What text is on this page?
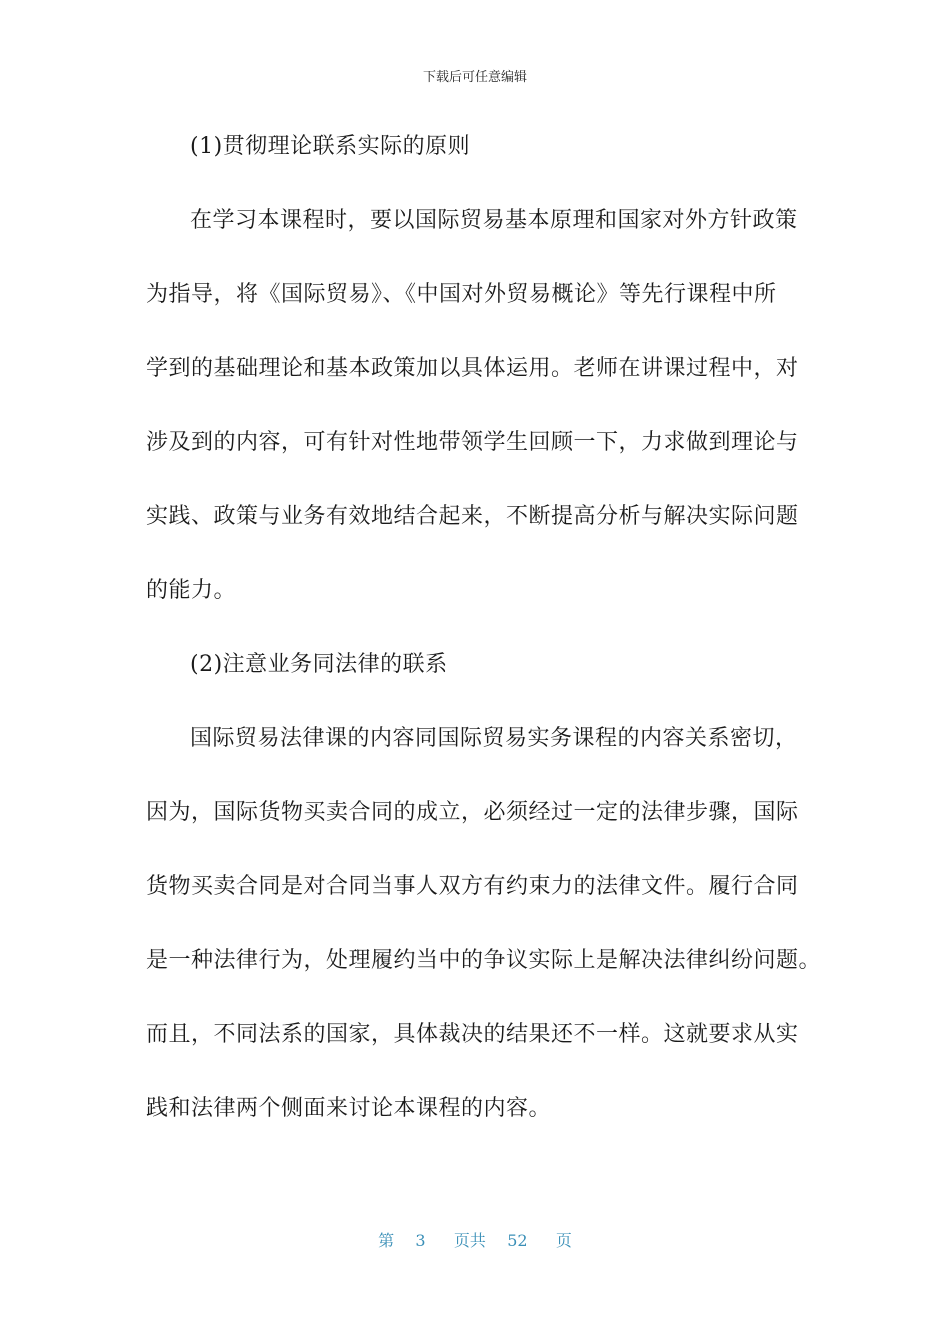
下载后可任意编辑
(1)贯彻理论联系实际的原则
在学习本课程时，要以国际贸易基本原理和国家对外方针政策
为指导，将《国际贸易》、《中国对外贸易概论》等先行课程中所
学到的基础理论和基本政策加以具体运用。老师在讲课过程中，对
涉及到的内容，可有针对性地带领学生回顾一下，力求做到理论与
实践、政策与业务有效地结合起来，不断提高分析与解决实际问题
的能力。
(2)注意业务同法律的联系
国际贸易法律课的内容同国际贸易实务课程的内容关系密切，
因为，国际货物买卖合同的成立，必须经过一定的法律步骤，国际
货物买卖合同是对合同当事人双方有约束力的法律文件。履行合同
是一种法律行为，处理履约当中的争议实际上是解决法律纠纷问题。
而且，不同法系的国家，具体裁决的结果还不一样。这就要求从实
践和法律两个侧面来讨论本课程的内容。
第 3 页共 52 页
